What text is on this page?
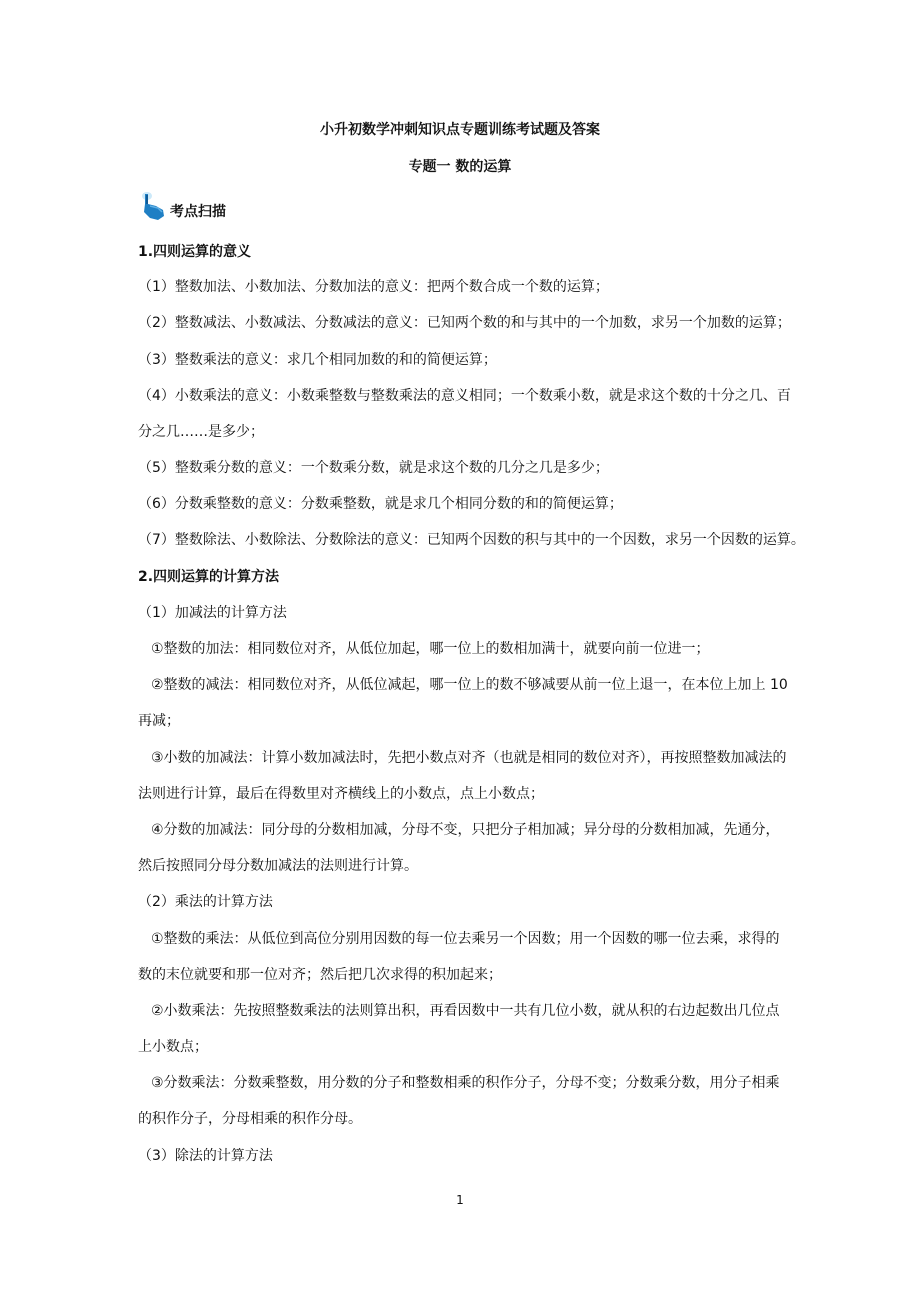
小升初数学冲刺知识点专题训练考试题及答案
专题一 数的运算
考点扫描
1.四则运算的意义
（1）整数加法、小数加法、分数加法的意义：把两个数合成一个数的运算；
（2）整数减法、小数减法、分数减法的意义：已知两个数的和与其中的一个加数，求另一个加数的运算；
（3）整数乘法的意义：求几个相同加数的和的简便运算；
（4）小数乘法的意义：小数乘整数与整数乘法的意义相同；一个数乘小数，就是求这个数的十分之几、百
分之几……是多少；
（5）整数乘分数的意义：一个数乘分数，就是求这个数的几分之几是多少；
（6）分数乘整数的意义：分数乘整数，就是求几个相同分数的和的简便运算；
（7）整数除法、小数除法、分数除法的意义：已知两个因数的积与其中的一个因数，求另一个因数的运算。
2.四则运算的计算方法
（1）加减法的计算方法
①整数的加法：相同数位对齐，从低位加起，哪一位上的数相加满十，就要向前一位进一；
②整数的减法：相同数位对齐，从低位减起，哪一位上的数不够减要从前一位上退一，在本位上加上 10
再减；
③小数的加减法：计算小数加减法时，先把小数点对齐（也就是相同的数位对齐），再按照整数加减法的
法则进行计算，最后在得数里对齐横线上的小数点，点上小数点；
④分数的加减法：同分母的分数相加减，分母不变，只把分子相加减；异分母的分数相加减，先通分，
然后按照同分母分数加减法的法则进行计算。
（2）乘法的计算方法
①整数的乘法：从低位到高位分别用因数的每一位去乘另一个因数；用一个因数的哪一位去乘，求得的
数的末位就要和那一位对齐；然后把几次求得的积加起来；
②小数乘法：先按照整数乘法的法则算出积，再看因数中一共有几位小数，就从积的右边起数出几位点
上小数点；
③分数乘法：分数乘整数，用分数的分子和整数相乘的积作分子，分母不变；分数乘分数，用分子相乘
的积作分子，分母相乘的积作分母。
（3）除法的计算方法
1
